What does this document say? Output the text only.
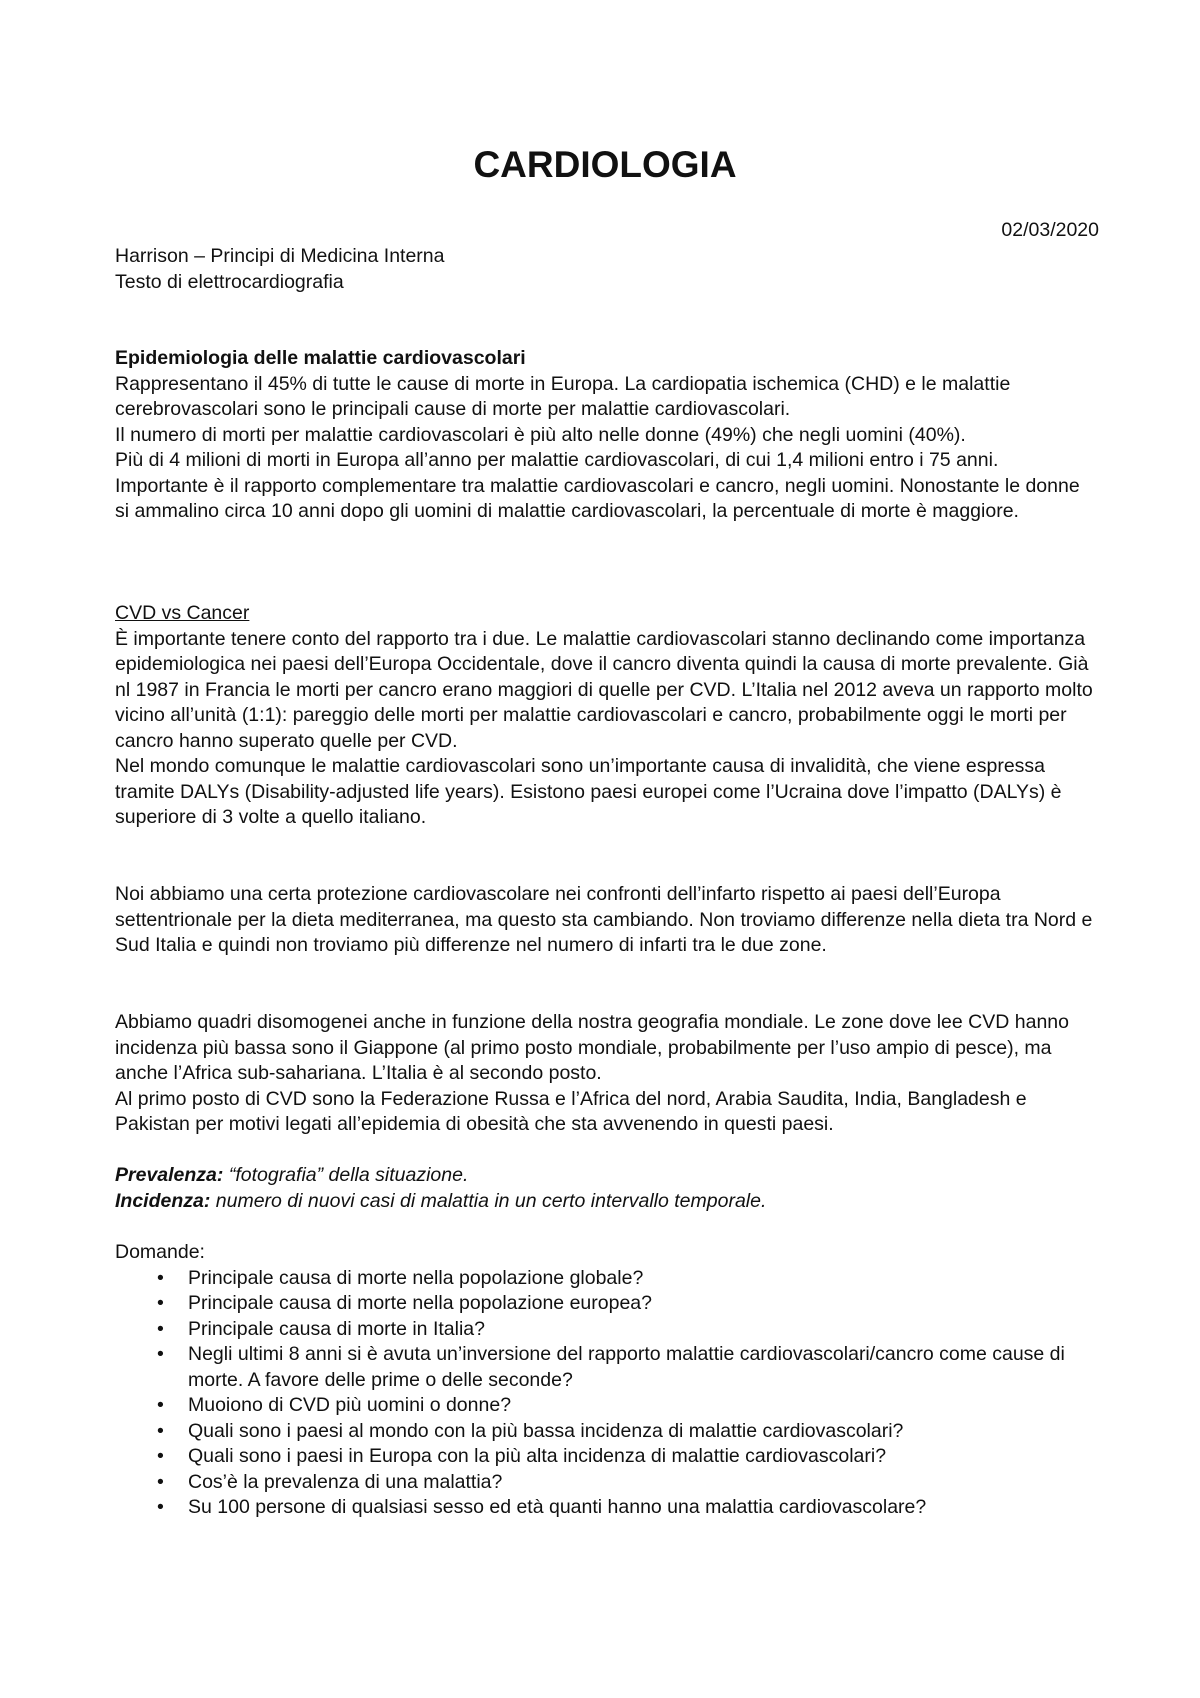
CARDIOLOGIA

02/03/2020

Harrison – Principi di Medicina Interna
Testo di elettrocardiografia

Epidemiologia delle malattie cardiovascolari

Rappresentano il 45% di tutte le cause di morte in Europa. La cardiopatia ischemica (CHD) e le malattie cerebrovascolari sono le principali cause di morte per malattie cardiovascolari.

Il numero di morti per malattie cardiovascolari è più alto nelle donne (49%) che negli uomini (40%).

Più di 4 milioni di morti in Europa all’anno per malattie cardiovascolari, di cui 1,4 milioni entro i 75 anni.

Importante è il rapporto complementare tra malattie cardiovascolari e cancro, negli uomini. Nonostante le donne si ammalino circa 10 anni dopo gli uomini di malattie cardiovascolari, la percentuale di morte è maggiore.

CVD vs Cancer

È importante tenere conto del rapporto tra i due. Le malattie cardiovascolari stanno declinando come importanza epidemiologica nei paesi dell’Europa Occidentale, dove il cancro diventa quindi la causa di morte prevalente. Già nl 1987 in Francia le morti per cancro erano maggiori di quelle per CVD. L’Italia nel 2012 aveva un rapporto molto vicino all’unità (1:1): pareggio delle morti per malattie cardiovascolari e cancro, probabilmente oggi le morti per cancro hanno superato quelle per CVD.

Nel mondo comunque le malattie cardiovascolari sono un’importante causa di invalidità, che viene espressa tramite DALYs (Disability-adjusted life years). Esistono paesi europei come l’Ucraina dove l’impatto (DALYs) è superiore di 3 volte a quello italiano.

Noi abbiamo una certa protezione cardiovascolare nei confronti dell’infarto rispetto ai paesi dell’Europa settentrionale per la dieta mediterranea, ma questo sta cambiando. Non troviamo differenze nella dieta tra Nord e Sud Italia e quindi non troviamo più differenze nel numero di infarti tra le due zone.

Abbiamo quadri disomogenei anche in funzione della nostra geografia mondiale. Le zone dove lee CVD hanno incidenza più bassa sono il Giappone (al primo posto mondiale, probabilmente per l’uso ampio di pesce), ma anche l’Africa sub-sahariana. L’Italia è al secondo posto.

Al primo posto di CVD sono la Federazione Russa e l’Africa del nord, Arabia Saudita, India, Bangladesh e Pakistan per motivi legati all’epidemia di obesità che sta avvenendo in questi paesi.

Prevalenza: “fotografia” della situazione.

Incidenza: numero di nuovi casi di malattia in un certo intervallo temporale.

Domande:

• Principale causa di morte nella popolazione globale?
• Principale causa di morte nella popolazione europea?
• Principale causa di morte in Italia?
• Negli ultimi 8 anni si è avuta un’inversione del rapporto malattie cardiovascolari/cancro come cause di morte. A favore delle prime o delle seconde?
• Muoiono di CVD più uomini o donne?
• Quali sono i paesi al mondo con la più bassa incidenza di malattie cardiovascolari?
• Quali sono i paesi in Europa con la più alta incidenza di malattie cardiovascolari?
• Cos’è la prevalenza di una malattia?
• Su 100 persone di qualsiasi sesso ed età quanti hanno una malattia cardiovascolare?
